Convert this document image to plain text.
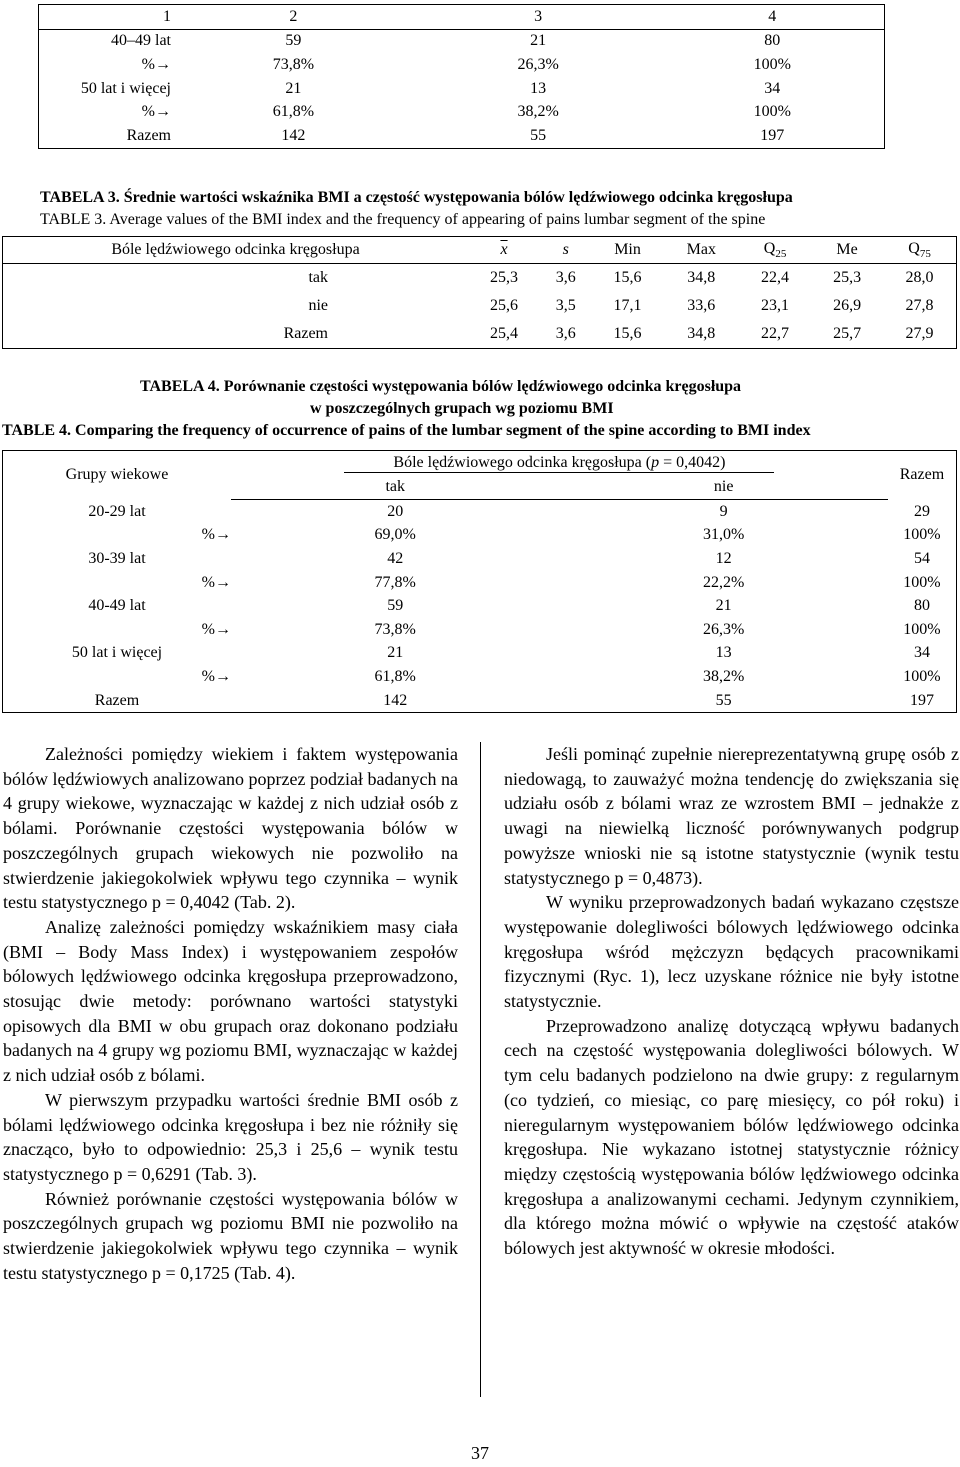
1	2	3	4
40–49 lat	59	21	80
%→	73,8%	26,3%	100%
50 lat i więcej	21	13	34
%→	61,8%	38,2%	100%
Razem	142	55	197
TABELA 3. Średnie wartości wskaźnika BMI a częstość występowania bólów lędźwiowego odcinka kręgosłupa
TABLE 3. Average values of the BMI index and the frequency of appearing of pains lumbar segment of the spine
Bóle lędźwiowego odcinka kręgosłupa	$\overline{x}$	s	Min	Max	$Q_{25}$	Me	$Q_{75}$
tak	25,3	3,6	15,6	34,8	22,4	25,3	28,0
nie	25,6	3,5	17,1	33,6	23,1	26,9	27,8
Razem	25,4	3,6	15,6	34,8	22,7	25,7	27,9
TABELA 4. Porównanie częstości występowania bólów lędźwiowego odcinka kręgosłupa
w poszczególnych grupach wg poziomu BMI
TABLE 4. Comparing the frequency of occurrence of pains of the lumbar segment of the spine according to BMI index
Grupy wiekowe	Bóle lędźwiowego odcinka kręgosłupa (p = 0,4042)		Razem
	tak	nie	
20-29 lat	20	9	29
%→	69,0%	31,0%	100%
30-39 lat	42	12	54
%→	77,8%	22,2%	100%
40-49 lat	59	21	80
%→	73,8%	26,3%	100%
50 lat i więcej	21	13	34
%→	61,8%	38,2%	100%
Razem	142	55	197

Zależności pomiędzy wiekiem i faktem występowania bólów lędźwiowych analizowano poprzez podział badanych na 4 grupy wiekowe, wyznaczając w każdej z nich udział osób z bólami. Porównanie częstości występowania bólów w poszczególnych grupach wiekowych nie pozwoliło na stwierdzenie jakiegokolwiek wpływu tego czynnika – wynik testu statystycznego p = 0,4042 (Tab. 2).

Analizę zależności pomiędzy wskaźnikiem masy ciała (BMI – Body Mass Index) i występowaniem zespołów bólowych lędźwiowego odcinka kręgosłupa przeprowadzono, stosując dwie metody: porównano wartości statystyki opisowych dla BMI w obu grupach oraz dokonano podziału badanych na 4 grupy wg poziomu BMI, wyznaczając w każdej z nich udział osób z bólami.

W pierwszym przypadku wartości średnie BMI osób z bólami lędźwiowego odcinka kręgosłupa i bez nie różniły się znacząco, było to odpowiednio: 25,3 i 25,6 – wynik testu statystycznego p = 0,6291 (Tab. 3).

Również porównanie częstości występowania bólów w poszczególnych grupach wg poziomu BMI nie pozwoliło na stwierdzenie jakiegokolwiek wpływu tego czynnika – wynik testu statystycznego p = 0,1725 (Tab. 4).

Jeśli pominąć zupełnie niereprezentatywną grupę osób z niedowagą, to zauważyć można tendencję do zwiększania się udziału osób z bólami wraz ze wzrostem BMI – jednakże z uwagi na niewielką liczność porównywanych podgrup powyższe wnioski nie są istotne statystycznie (wynik testu statystycznego p = 0,4873).

W wyniku przeprowadzonych badań wykazano częstsze występowanie dolegliwości bólowych lędźwiowego odcinka kręgosłupa wśród mężczyzn będących pracownikami fizycznymi (Ryc. 1), lecz uzyskane różnice nie były istotne statystycznie.

Przeprowadzono analizę dotyczącą wpływu badanych cech na częstość występowania dolegliwości bólowych. W tym celu badanych podzielono na dwie grupy: z regularnym (co tydzień, co miesiąc, co parę miesięcy, co pół roku) i nieregularnym występowaniem bólów lędźwiowego odcinka kręgosłupa. Nie wykazano istotnej statystycznie różnicy między częstością występowania bólów lędźwiowego odcinka kręgosłupa a analizowanymi cechami. Jedynym czynnikiem, dla którego można mówić o wpływie na częstość ataków bólowych jest aktywność w okresie młodości.

37
